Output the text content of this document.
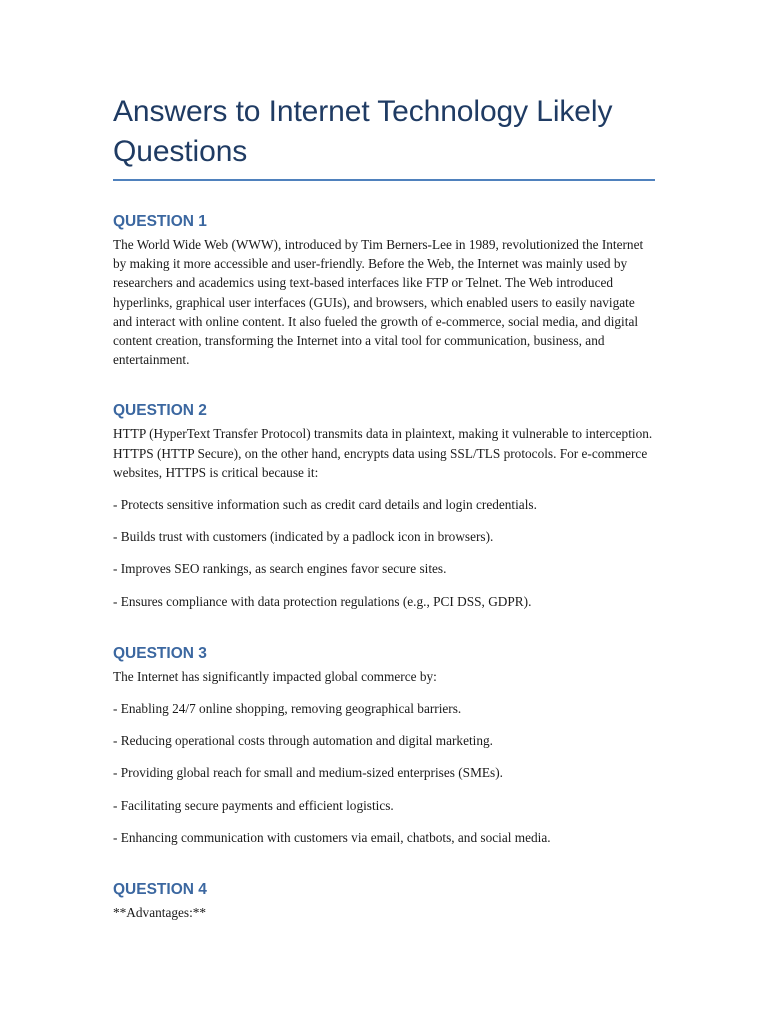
Answers to Internet Technology Likely Questions
QUESTION 1

The World Wide Web (WWW), introduced by Tim Berners-Lee in 1989, revolutionized the Internet by making it more accessible and user-friendly. Before the Web, the Internet was mainly used by researchers and academics using text-based interfaces like FTP or Telnet. The Web introduced hyperlinks, graphical user interfaces (GUIs), and browsers, which enabled users to easily navigate and interact with online content. It also fueled the growth of e-commerce, social media, and digital content creation, transforming the Internet into a vital tool for communication, business, and entertainment.

QUESTION 2

HTTP (HyperText Transfer Protocol) transmits data in plaintext, making it vulnerable to interception. HTTPS (HTTP Secure), on the other hand, encrypts data using SSL/TLS protocols. For e-commerce websites, HTTPS is critical because it:

- Protects sensitive information such as credit card details and login credentials.

- Builds trust with customers (indicated by a padlock icon in browsers).

- Improves SEO rankings, as search engines favor secure sites.

- Ensures compliance with data protection regulations (e.g., PCI DSS, GDPR).

QUESTION 3

The Internet has significantly impacted global commerce by:

- Enabling 24/7 online shopping, removing geographical barriers.

- Reducing operational costs through automation and digital marketing.

- Providing global reach for small and medium-sized enterprises (SMEs).

- Facilitating secure payments and efficient logistics.

- Enhancing communication with customers via email, chatbots, and social media.

QUESTION 4

**Advantages:**
